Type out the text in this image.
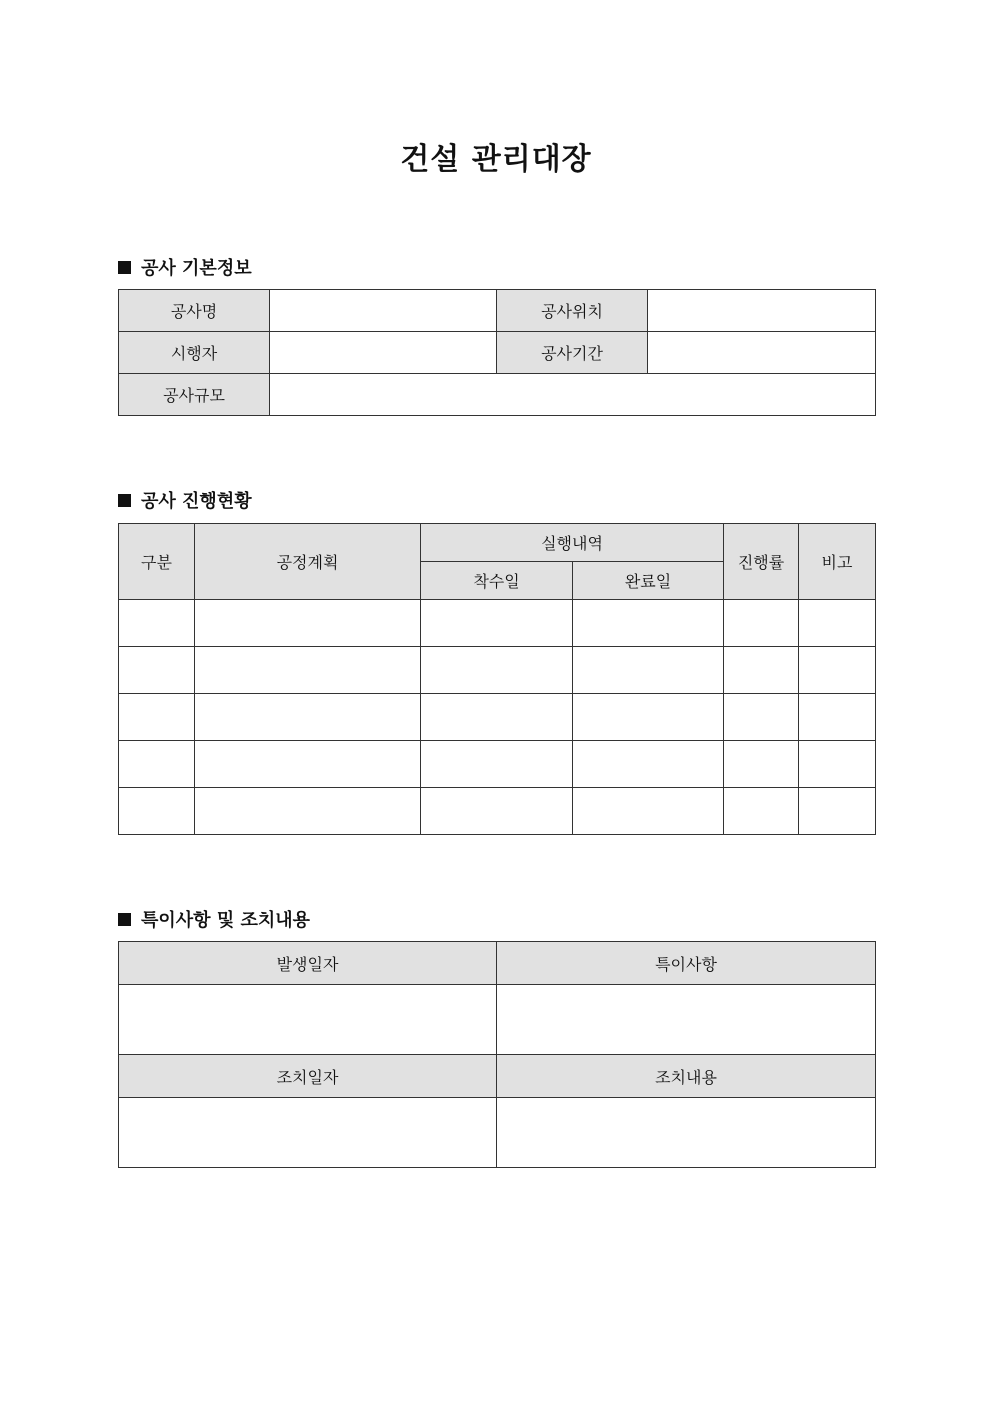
건설 관리대장
공사 기본정보
공사명		공사위치	
시행자		공사기간	
공사규모			
공사 진행현황
구분	공정계획	실행내역		진행률	비고
		착수일	완료일		

특이사항 및 조치내용
발생일자	특이사항

조치일자	조치내용
